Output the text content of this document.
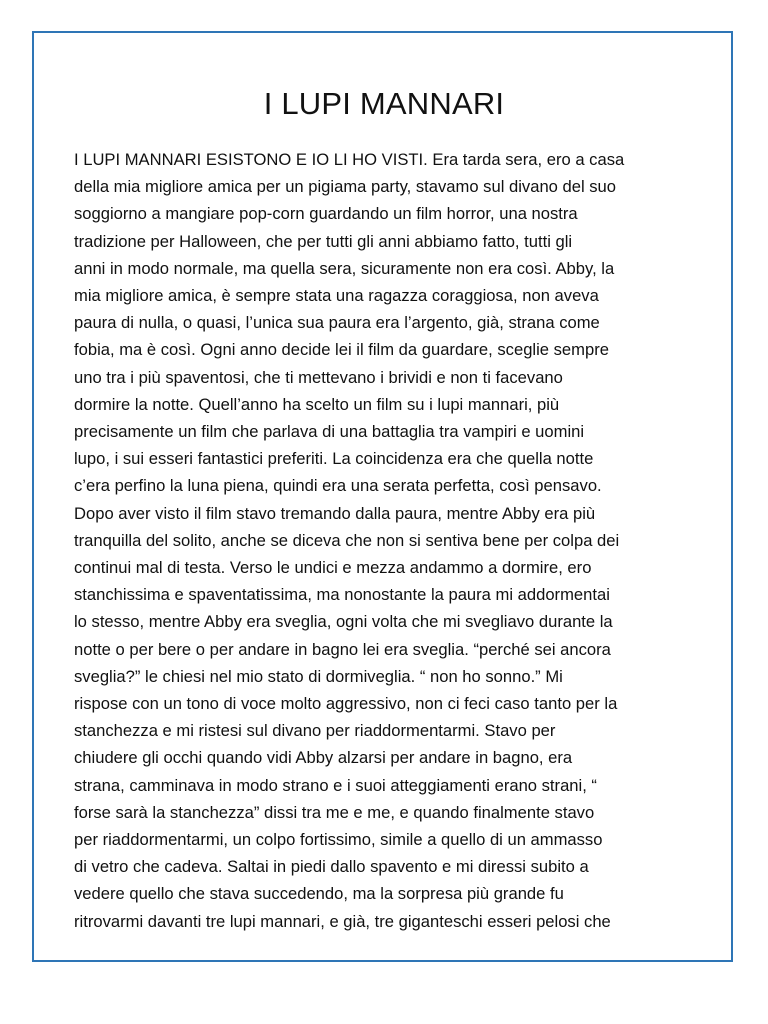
I LUPI MANNARI
I LUPI MANNARI ESISTONO E IO LI HO VISTI. Era tarda sera, ero a casa
della mia migliore amica per un pigiama party, stavamo sul divano del suo
soggiorno a mangiare pop-corn guardando un film horror, una nostra
tradizione per Halloween, che per tutti gli anni abbiamo fatto, tutti gli
anni in modo normale, ma quella sera, sicuramente non era così. Abby, la
mia migliore amica, è sempre stata una ragazza coraggiosa, non aveva
paura di nulla, o quasi, l’unica sua paura era l’argento, già, strana come
fobia, ma è così. Ogni anno decide lei il film da guardare, sceglie sempre
uno tra i più spaventosi, che ti mettevano i brividi e non ti facevano
dormire la notte. Quell’anno ha scelto un film su i lupi mannari, più
precisamente un film che parlava di una battaglia tra vampiri e uomini
lupo, i sui esseri fantastici preferiti. La coincidenza era che quella notte
c’era perfino la luna piena, quindi era una serata perfetta, così pensavo.
Dopo aver visto il film stavo tremando dalla paura, mentre Abby era più
tranquilla del solito, anche se diceva che non si sentiva bene per colpa dei
continui mal di testa. Verso le undici e mezza andammo a dormire, ero
stanchissima e spaventatissima, ma nonostante la paura mi addormentai
lo stesso, mentre Abby era sveglia, ogni volta che mi svegliavo durante la
notte o per bere o per andare in bagno lei era sveglia. “perché sei ancora
sveglia?” le chiesi nel mio stato di dormiveglia. “ non ho sonno.” Mi
rispose con un tono di voce molto aggressivo, non ci feci caso tanto per la
stanchezza e mi ristesi sul divano per riaddormentarmi. Stavo per
chiudere gli occhi quando vidi Abby alzarsi per andare in bagno, era
strana, camminava in modo strano e i suoi atteggiamenti erano strani, “
forse sarà la stanchezza” dissi tra me e me, e quando finalmente stavo
per riaddormentarmi, un colpo fortissimo, simile a quello di un ammasso
di vetro che cadeva. Saltai in piedi dallo spavento e mi diressi subito a
vedere quello che stava succedendo, ma la sorpresa più grande fu
ritrovarmi davanti tre lupi mannari, e già, tre giganteschi esseri pelosi che
